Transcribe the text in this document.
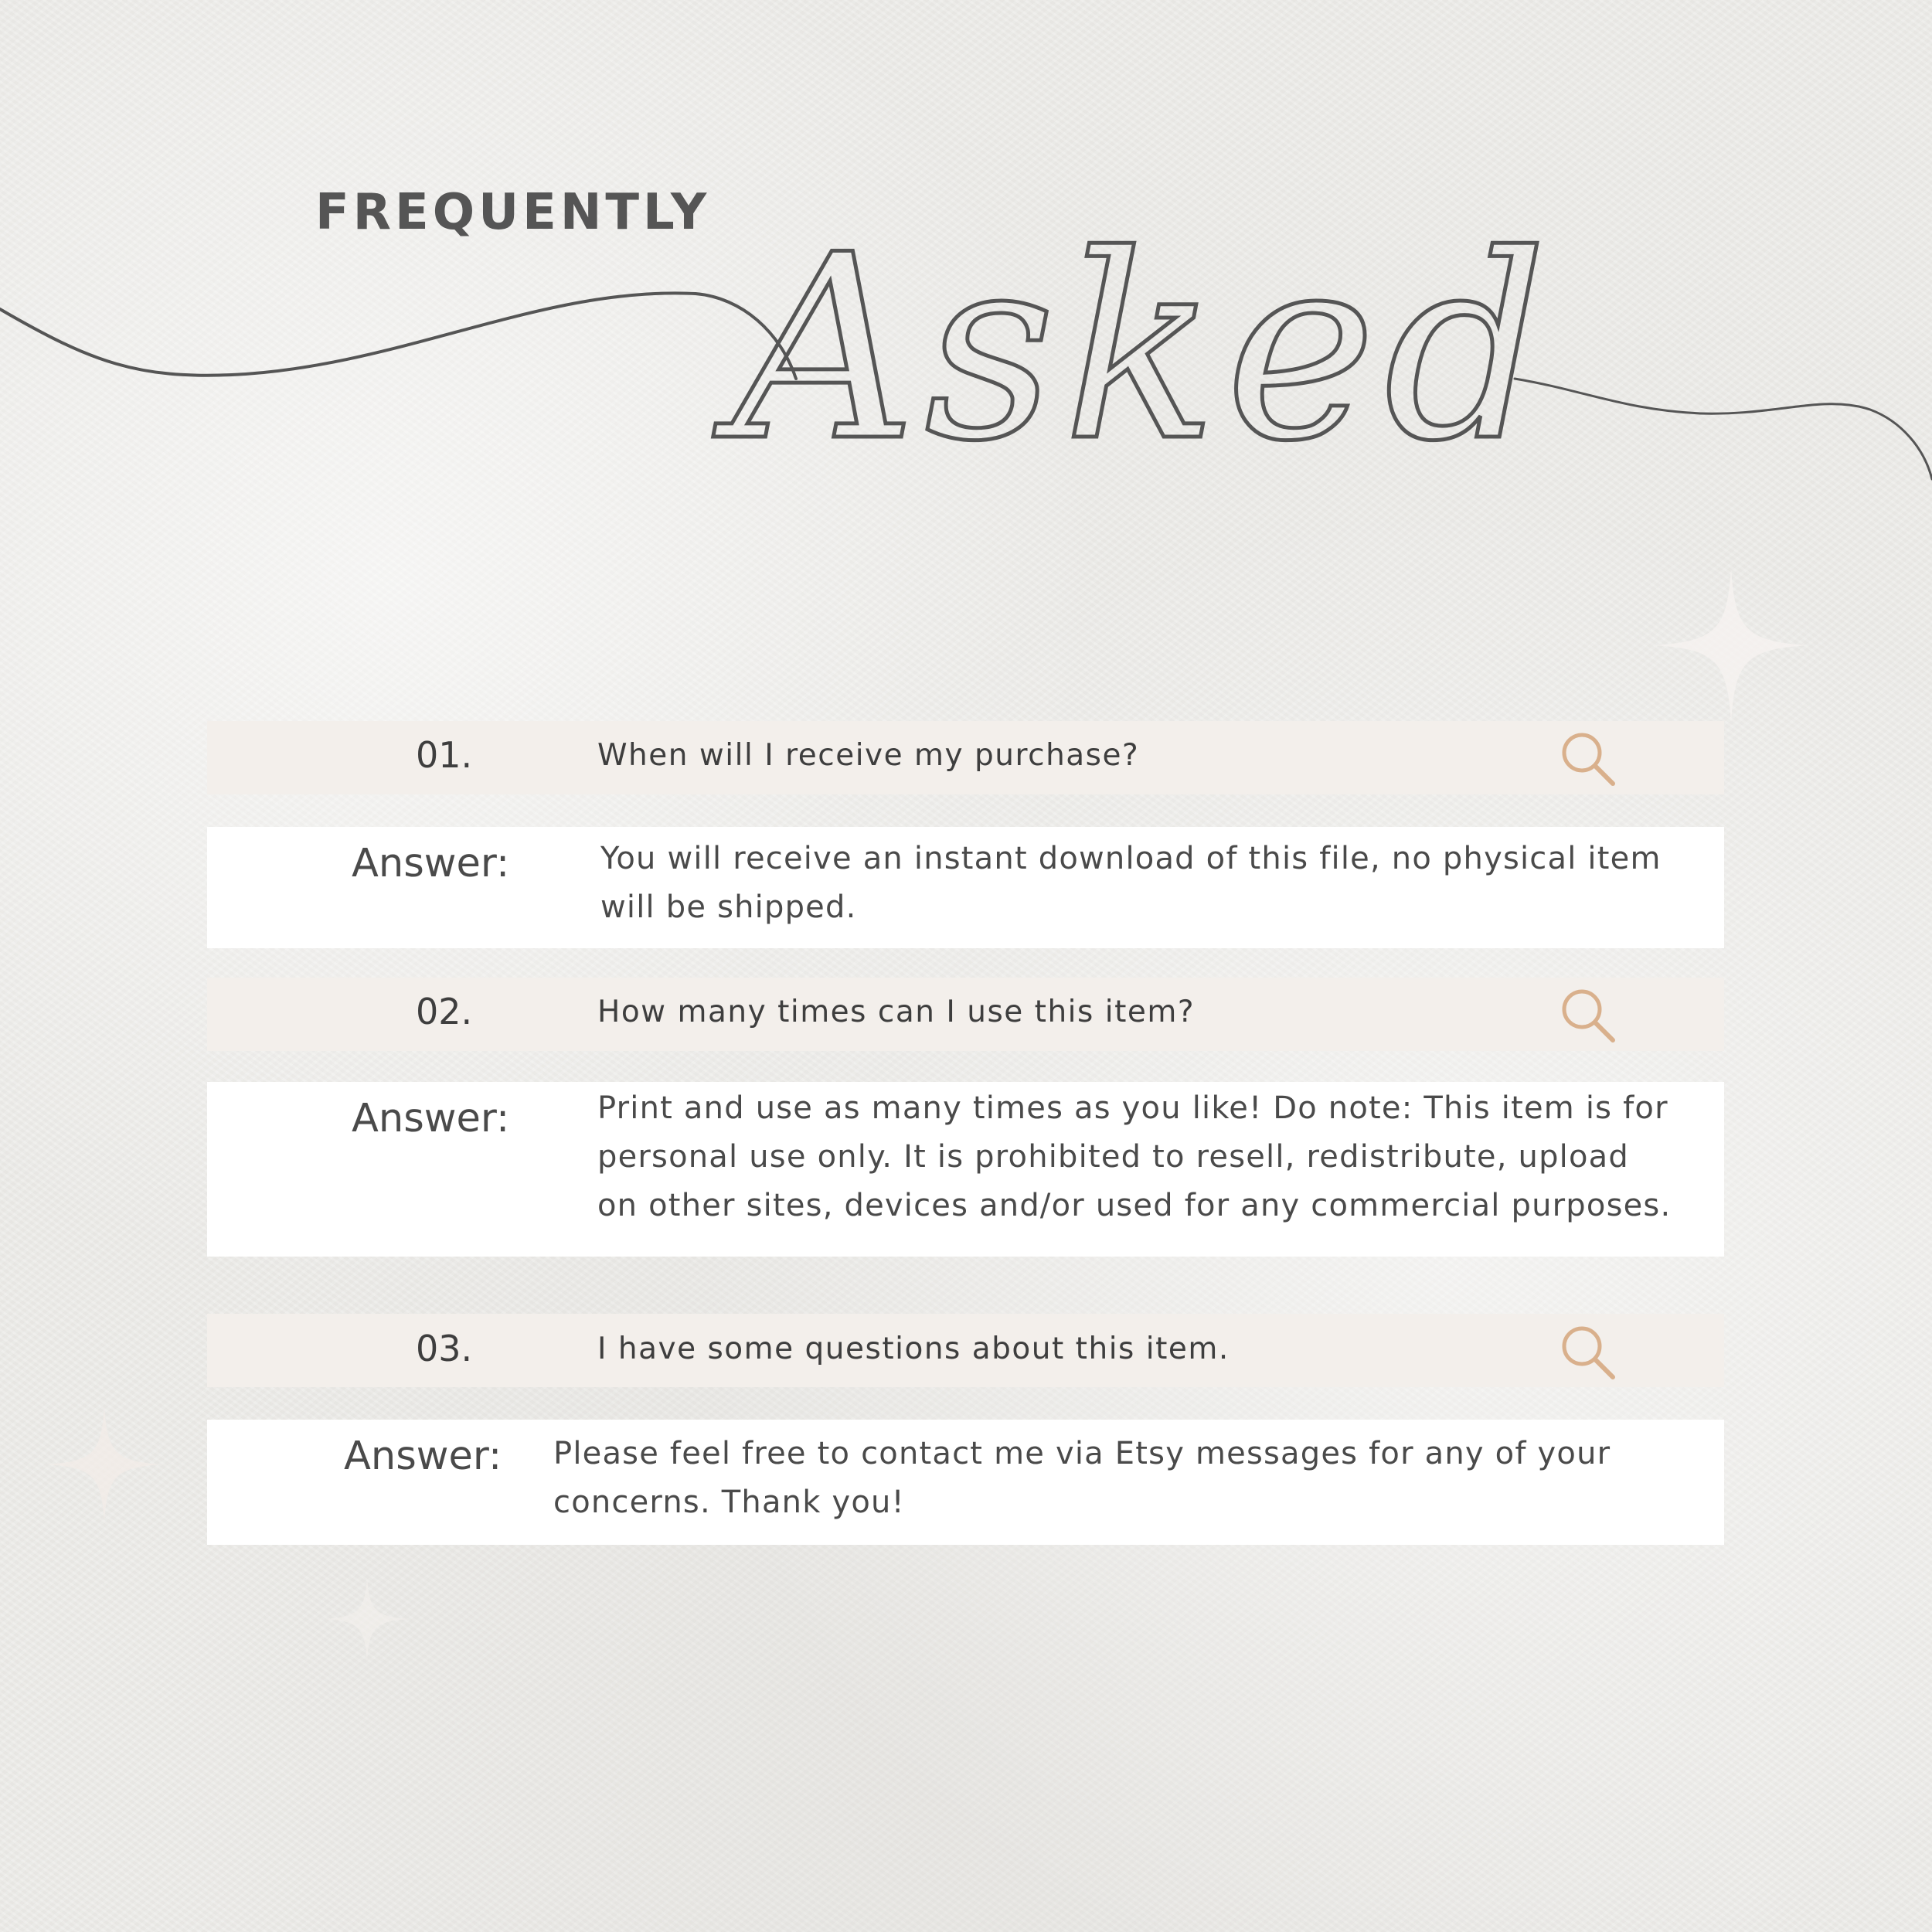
FREQUENTLY Asked

01.	When will I receive my purchase?

Answer:	You will receive an instant download of this file, no physical item
will be shipped.

02.	How many times can I use this item?

Answer:	Print and use as many times as you like! Do note: This item is for
personal use only. It is prohibited to resell, redistribute, upload
on other sites, devices and/or used for any commercial purposes.

03.	I have some questions about this item.

Answer: Please feel free to contact me via Etsy messages for any of your
concerns. Thank you!
